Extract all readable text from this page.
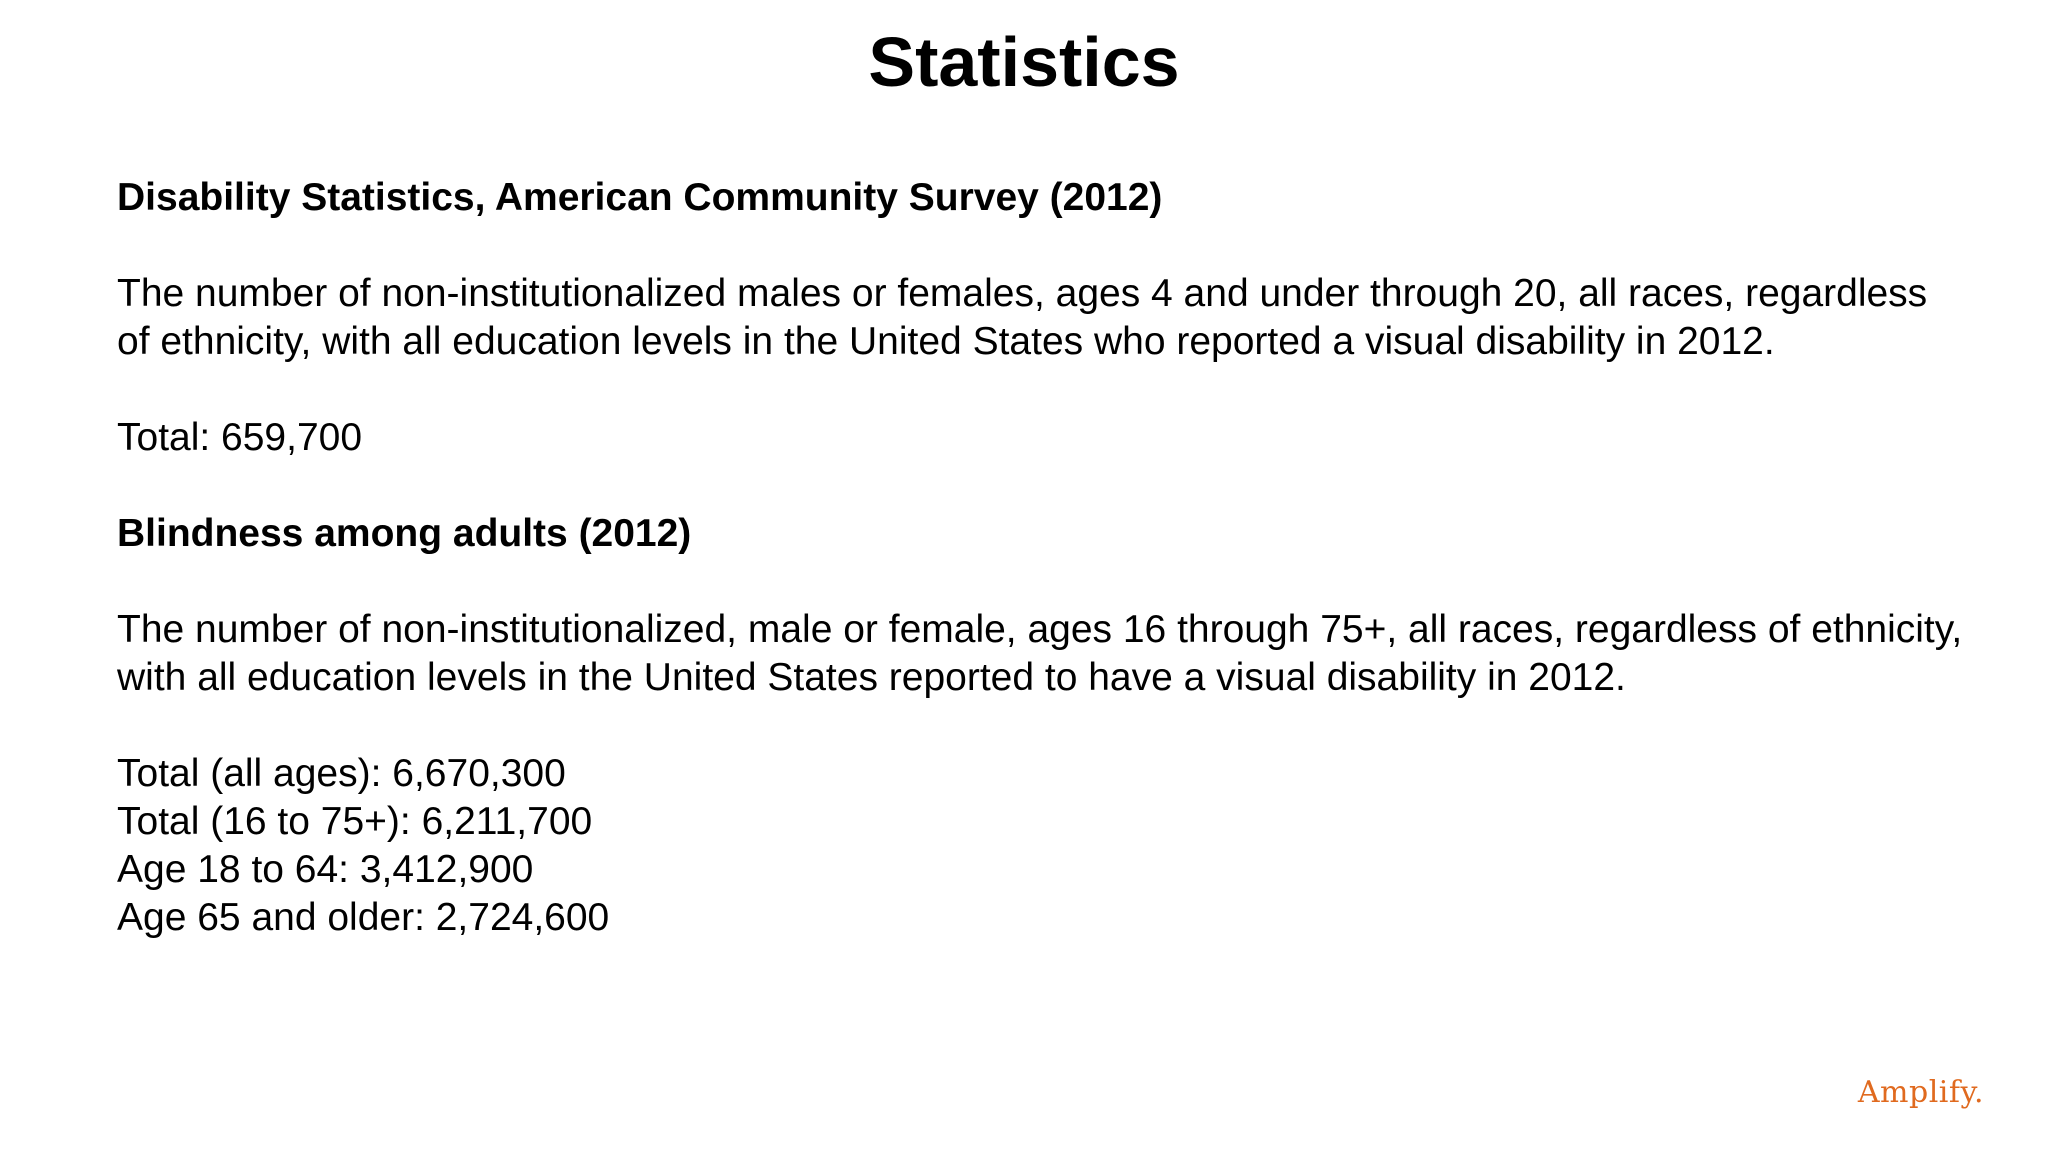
Statistics

Disability Statistics, American Community Survey (2012)

The number of non-institutionalized males or females, ages 4 and under through 20, all races, regardless of ethnicity, with all education levels in the United States who reported a visual disability in 2012.

Total: 659,700

Blindness among adults (2012)

The number of non-institutionalized, male or female, ages 16 through 75+, all races, regardless of ethnicity, with all education levels in the United States reported to have a visual disability in 2012.

Total (all ages): 6,670,300
Total (16 to 75+): 6,211,700
Age 18 to 64: 3,412,900
Age 65 and older: 2,724,600
Amplify.
